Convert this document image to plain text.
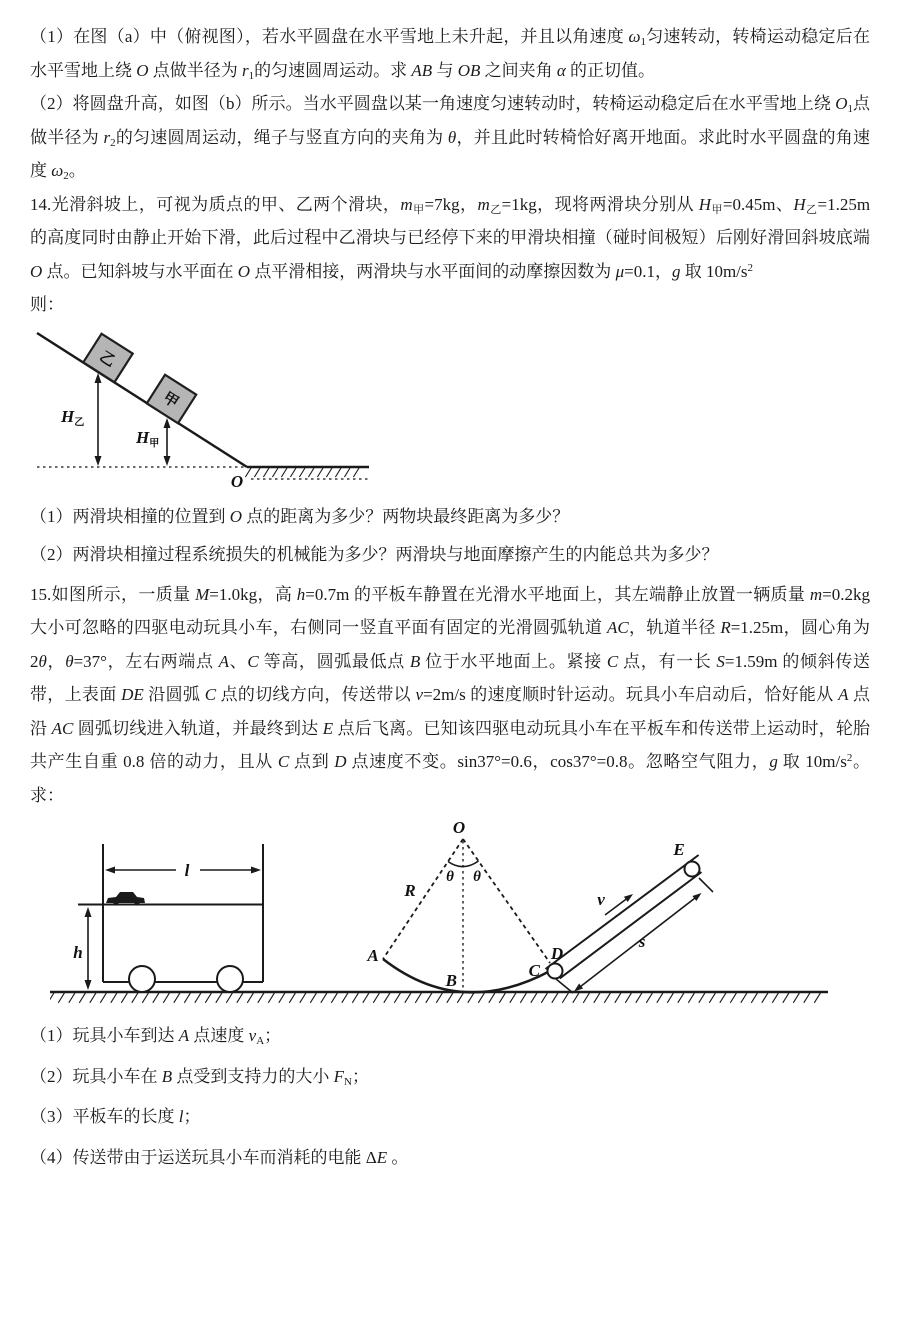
（1）在图（a）中（俯视图），若水平圆盘在水平雪地上未升起，并且以角速度 $\omega_1$匀速转动，转椅运动稳定后在水平雪地上绕 O 点做半径为 $r_1$的匀速圆周运动。求 AB 与 OB 之间夹角 α 的正切值。

（2）将圆盘升高，如图（b）所示。当水平圆盘以某一角速度匀速转动时，转椅运动稳定后在水平雪地上绕 $O_1$点做半径为 $r_2$的匀速圆周运动，绳子与竖直方向的夹角为 θ，并且此时转椅恰好离开地面。求此时水平圆盘的角速度 $\omega_2$。

14.光滑斜坡上，可视为质点的甲、乙两个滑块，$m_甲=7kg$，$m_乙=1kg$，现将两滑块分别从 $H_甲=0.45m$、$H_乙=1.25m$ 的高度同时由静止开始下滑，此后过程中乙滑块与已经停下来的甲滑块相撞（碰时间极短）后刚好滑回斜坡底端 O 点。已知斜坡与水平面在 O 点平滑相接，两滑块与水平面间的动摩擦因数为 μ=0.1，g 取 $10m/s^2$
则：

乙
甲
$H_乙$
$H_甲$
O

（1）两滑块相撞的位置到 O 点的距离为多少？两物块最终距离为多少？

（2）两滑块相撞过程系统损失的机械能为多少？两滑块与地面摩擦产生的内能总共为多少？

15.如图所示，一质量 M=1.0kg，高 h=0.7m 的平板车静置在光滑水平地面上，其左端静止放置一辆质量 m=0.2kg 大小可忽略的四驱电动玩具小车，右侧同一竖直平面有固定的光滑圆弧轨道 AC，轨道半径 R=1.25m，圆心角为 2θ，θ=37°，左右两端点 A、C 等高，圆弧最低点 B 位于水平地面上。紧接 C 点，有一长 S=1.59m 的倾斜传送带，上表面 DE 沿圆弧 C 点的切线方向，传送带以 v=2m/s 的速度顺时针运动。玩具小车启动后，恰好能从 A 点沿 AC 圆弧切线进入轨道，并最终到达 E 点后飞离。已知该四驱电动玩具小车在平板车和传送带上运动时，轮胎共产生自重 0.8 倍的动力，且从 C 点到 D 点速度不变。sin37°=0.6，cos37°=0.8。忽略空气阻力，g 取 $10m/s^2$。求：

l
h
O
θ θ
R
A
B
v
s
C
D
E

（1）玩具小车到达 A 点速度 $v_A$；

（2）玩具小车在 B 点受到支持力的大小 $F_N$；

（3）平板车的长度 l；

（4）传送带由于运送玩具小车而消耗的电能 ΔE 。
